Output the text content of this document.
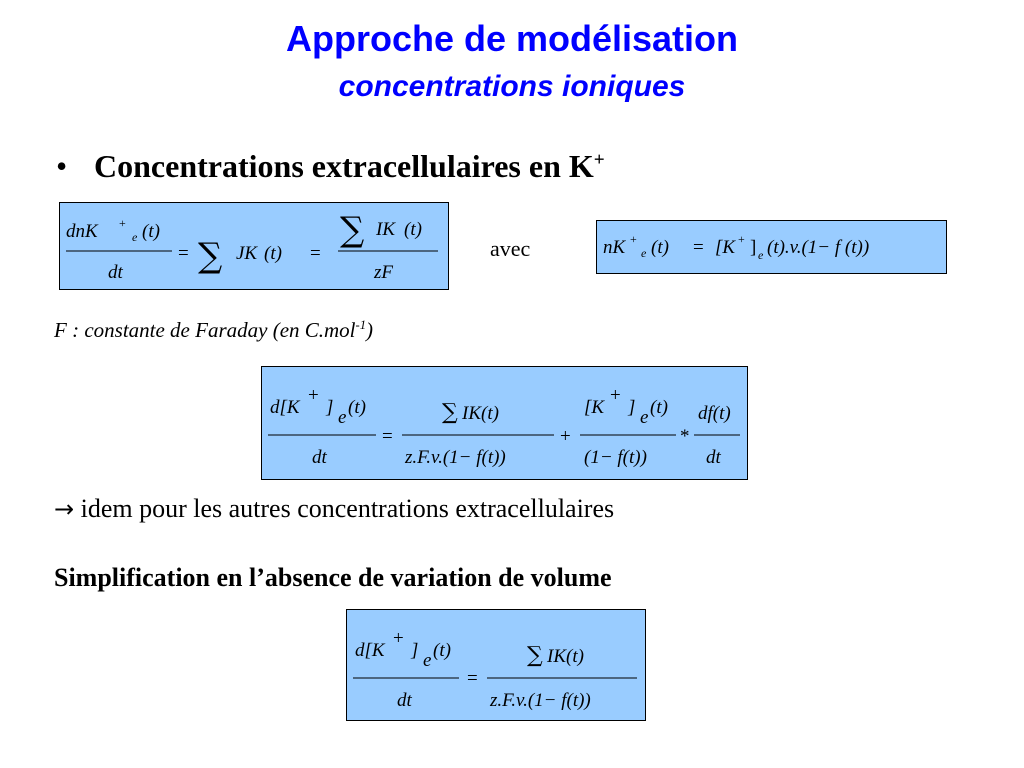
Approche de modélisation
concentrations ioniques
• Concentrations extracellulaires en K+
dnK +
e (t)
dt
= ∑ JK (t) =
∑ IK (t)
zF
avec	nK +
e (t) = [K + ] e (t).v.(1− f (t))
F : constante de Faraday (en C.mol$^{-1}$)
d[K
+
] e (t)
dt
=
∑ IK(t)
z.F.v.(1− f(t))
+
[K
+
] e (t)
(1− f(t))
*
df(t)
dt
→ idem pour les autres concentrations extracellulaires
Simplification en l’absence de variation de volume
d[K
+
] e (t)
dt
=
∑ IK(t)
z.F.v.(1− f(t))
